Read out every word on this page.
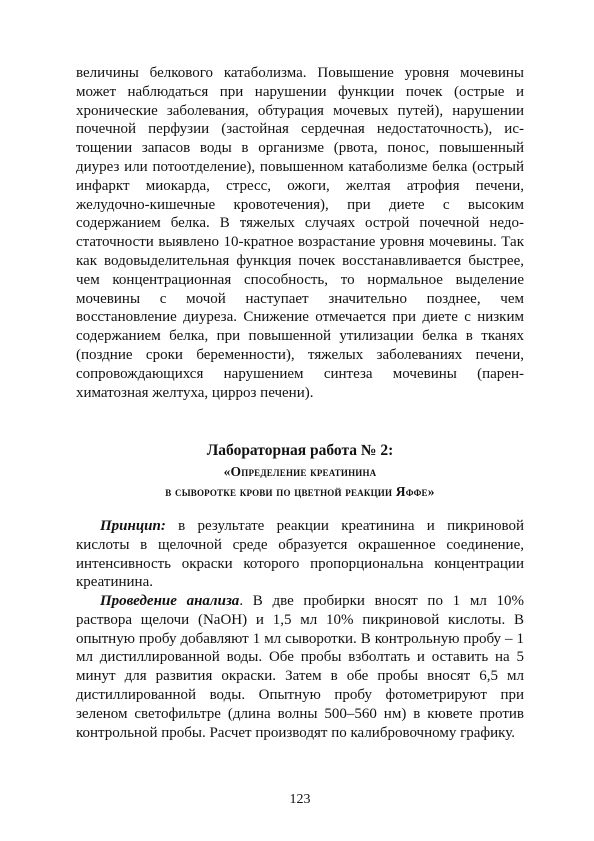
величины белкового катаболизма. Повышение уровня мочевины может наблюдаться при нарушении функции почек (острые и хронические заболевания, обтурация мочевых путей), нарушении почечной перфузии (застойная сердечная недостаточность), истощении запасов воды в организме (рвота, понос, повышенный диурез или потоотделение), повышенном катаболизме белка (острый инфаркт миокарда, стресс, ожоги, желтая атрофия печени, желудочно-кишечные кровотечения), при диете с высоким содержанием белка. В тяжелых случаях острой почечной недостаточности выявлено 10-кратное возрастание уровня мочевины. Так как водовыделительная функция почек восстанавливается быстрее, чем концентрационная способность, то нормальное выделение мочевины с мочой наступает значительно позднее, чем восстановление диуреза. Снижение отмечается при диете с низким содержанием белка, при повышенной утилизации белка в тканях (поздние сроки беременности), тяжелых заболеваниях печени, сопровождающихся нарушением синтеза мочевины (паренхиматозная желтуха, цирроз печени).

Лабораторная работа № 2:
«Определение креатинина
в сыворотке крови по цветной реакции Яффе»

Принцип: в результате реакции креатинина и пикриновой кислоты в щелочной среде образуется окрашенное соединение, интенсивность окраски которого пропорциональна концентрации креатинина.

Проведение анализа. В две пробирки вносят по 1 мл 10% раствора щелочи (NaOH) и 1,5 мл 10% пикриновой кислоты. В опытную пробу добавляют 1 мл сыворотки. В контрольную пробу – 1 мл дистиллированной воды. Обе пробы взболтать и оставить на 5 минут для развития окраски. Затем в обе пробы вносят 6,5 мл дистиллированной воды. Опытную пробу фотометрируют при зеленом светофильтре (длина волны 500–560 нм) в кювете против контрольной пробы. Расчет производят по калибровочному графику.

123
